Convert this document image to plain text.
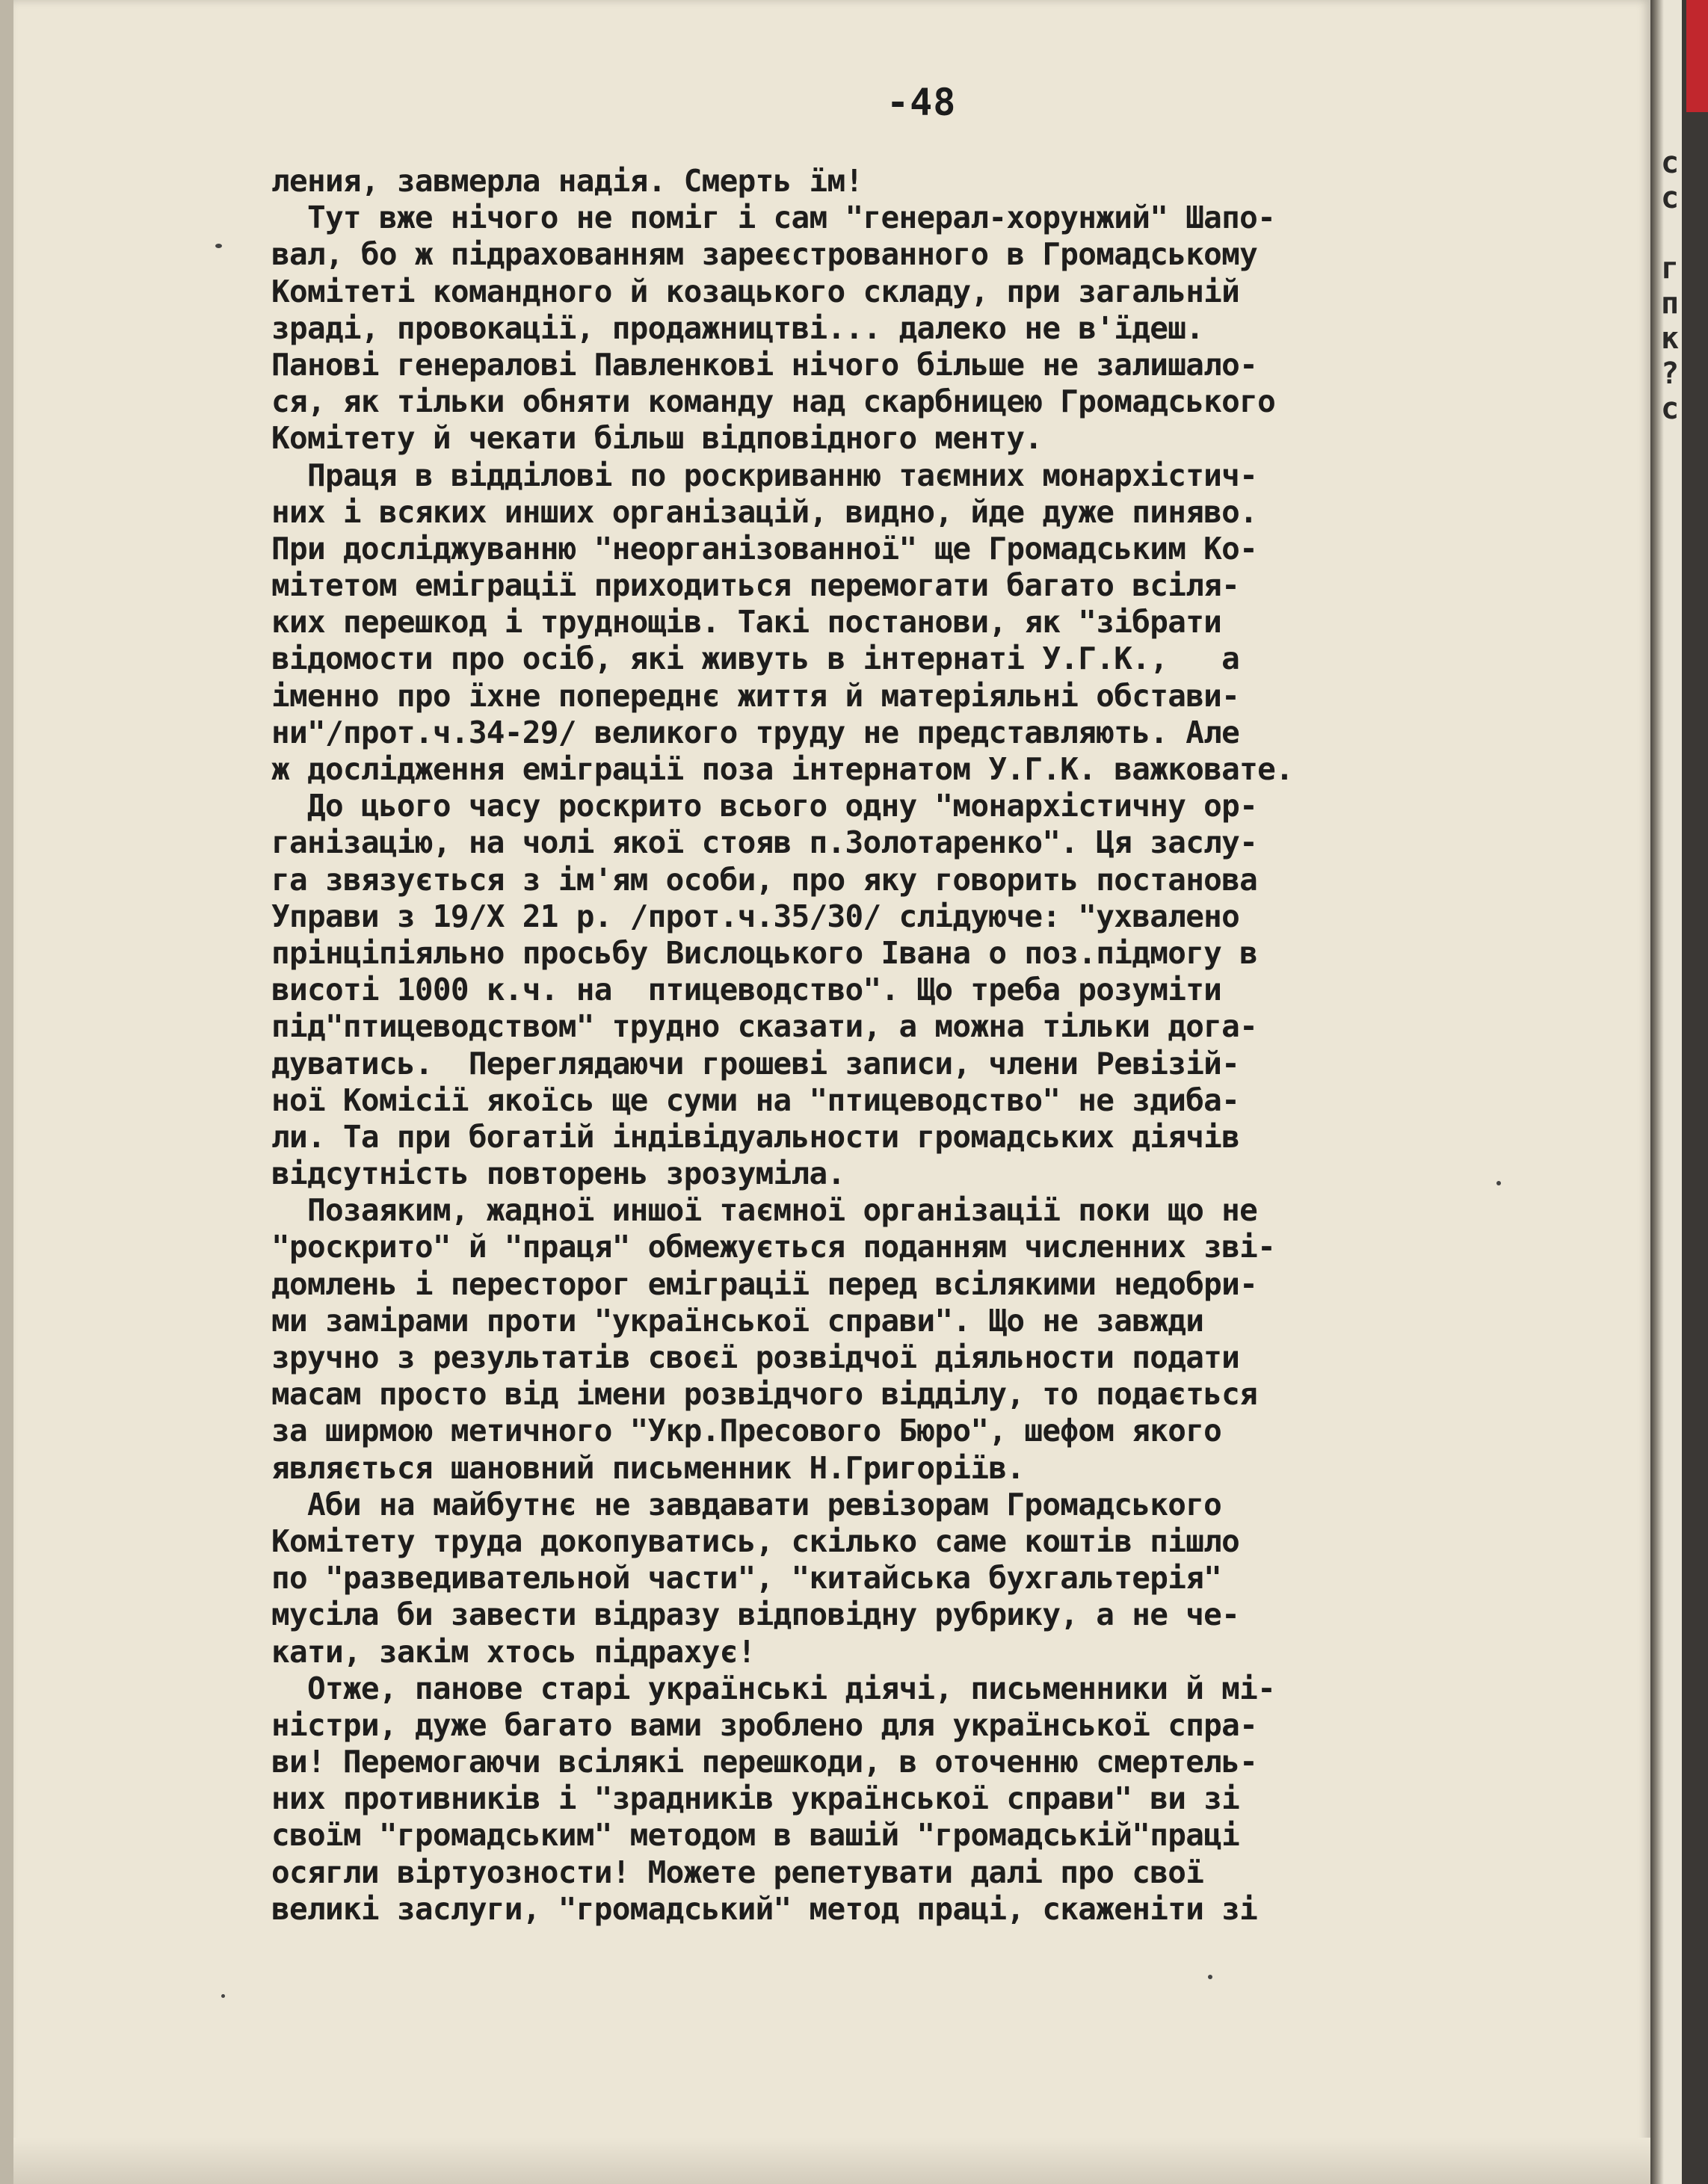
-48
ления, завмерла надія. Смерть їм!
Тут вже нічого не поміг і сам "генерал-хорунжий" Шапо-
вал, бо ж підрахованням зареєстрованного в Громадському
Комітеті командного й козацького складу, при загальній
зраді, провокації, продажництві... далеко не в'їдеш.
Панові генералові Павленкові нічого більше не залишало-
ся, як тільки обняти команду над скарбницею Громадського
Комітету й чекати більш відповідного менту.
Праця в відділові по роскриванню таємних монархістич-
них і всяких инших організацій, видно, йде дуже пиняво.
При досліджуванню "неорганізованної" ще Громадським Ко-
мітетом еміграції приходиться перемогати багато всіля-
ких перешкод і труднощів. Такі постанови, як "зібрати
відомости про осіб, які живуть в інтернаті У.Г.К.,   а
іменно про їхне попереднє життя й матеріяльні обстави-
ни"/прот.ч.34-29/ великого труду не представляють. Але
ж дослідження еміграції поза інтернатом У.Г.К. важковате.
До цього часу роскрито всього одну "монархістичну ор-
ганізацію, на чолі якої стояв п.Золотаренко". Ця заслу-
га звязується з ім'ям особи, про яку говорить постанова
Управи з 19/X 21 р. /прот.ч.35/30/ слідуюче: "ухвалено
прінціпіяльно просьбу Вислоцького Івана о поз.підмогу в
висоті 1000 к.ч. на  птицеводство". Що треба розуміти
під"птицеводством" трудно сказати, а можна тільки дога-
дуватись.  Переглядаючи грошеві записи, члени Ревізій-
ної Комісії якоїсь ще суми на "птицеводство" не здиба-
ли. Та при богатій індівідуальности громадських діячів
відсутність повторень зрозуміла.
Позаяким, жадної иншої таємної організації поки що не
"роскрито" й "праця" обмежується поданням численних зві-
домлень і пересторог еміграції перед всілякими недобри-
ми замірами проти "української справи". Що не завжди
зручно з результатів своєї розвідчої діяльности подати
масам просто від імени розвідчого відділу, то подається
за ширмою метичного "Укр.Пресового Бюро", шефом якого
являється шановний письменник Н.Григоріїв.
Аби на майбутнє не завдавати ревізорам Громадського
Комітету труда докопуватись, скілько саме коштів пішло
по "разведивательной части", "китайська бухгальтерія"
мусіла би завести відразу відповідну рубрику, а не че-
кати, закім хтось підрахує!
Отже, панове старі українські діячі, письменники й мі-
ністри, дуже багато вами зроблено для української спра-
ви! Перемогаючи всілякі перешкоди, в оточенню смертель-
них противників і "зрадників української справи" ви зі
своїм "громадським" методом в вашій "громадській"праці
осягли віртуозности! Можете репетувати далі про свої
великі заслуги, "громадський" метод праці, скаженіти зі
с
с
г
п
к
?
с
